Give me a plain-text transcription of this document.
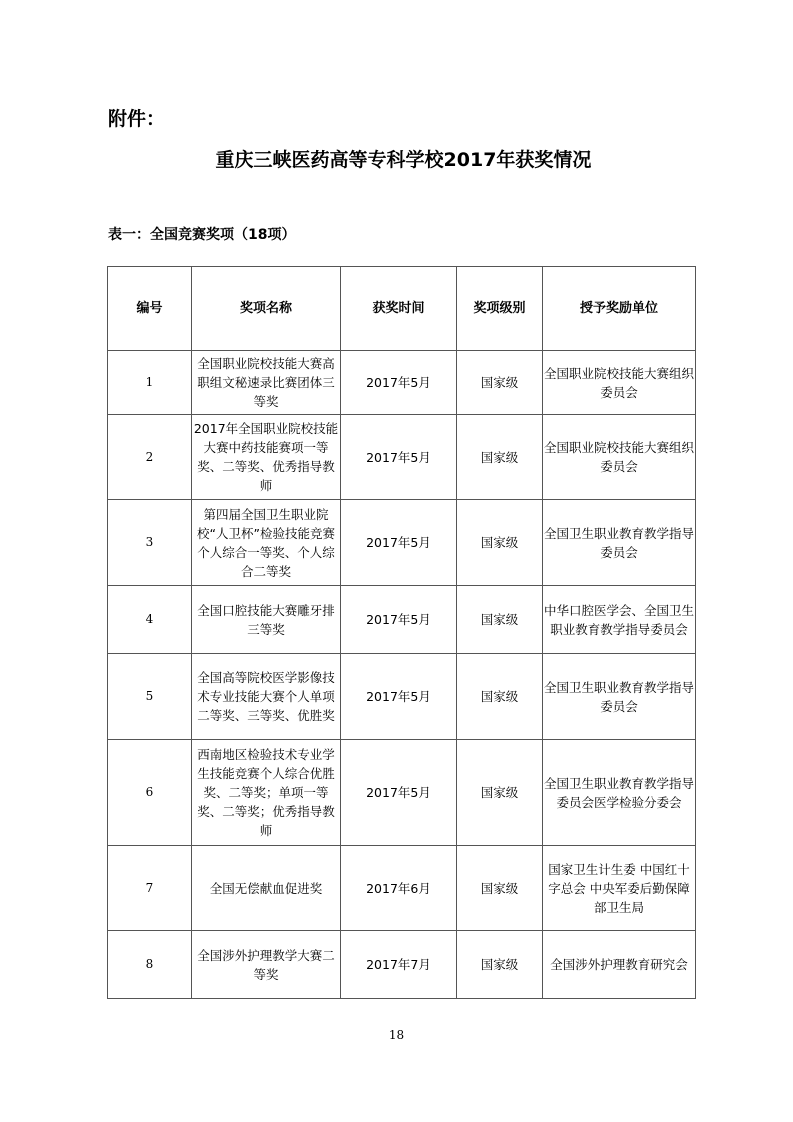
附件：
重庆三峡医药高等专科学校2017年获奖情况
表一：全国竞赛奖项（18项）
编号	奖项名称	获奖时间	奖项级别	授予奖励单位
1	全国职业院校技能大赛高职组文秘速录比赛团体三等奖	2017年5月	国家级	全国职业院校技能大赛组织委员会
2	2017年全国职业院校技能大赛中药技能赛项一等奖、二等奖、优秀指导教师	2017年5月	国家级	全国职业院校技能大赛组织委员会
3	第四届全国卫生职业院校“人卫杯”检验技能竞赛个人综合一等奖、个人综合二等奖	2017年5月	国家级	全国卫生职业教育教学指导委员会
4	全国口腔技能大赛雕牙排三等奖	2017年5月	国家级	中华口腔医学会、全国卫生职业教育教学指导委员会
5	全国高等院校医学影像技术专业技能大赛个人单项二等奖、三等奖、优胜奖	2017年5月	国家级	全国卫生职业教育教学指导委员会
6	西南地区检验技术专业学生技能竞赛个人综合优胜奖、二等奖；单项一等奖、二等奖；优秀指导教师	2017年5月	国家级	全国卫生职业教育教学指导委员会医学检验分委会
7	全国无偿献血促进奖	2017年6月	国家级	国家卫生计生委 中国红十字总会 中央军委后勤保障部卫生局
8	全国涉外护理教学大赛二等奖	2017年7月	国家级	全国涉外护理教育研究会
18
